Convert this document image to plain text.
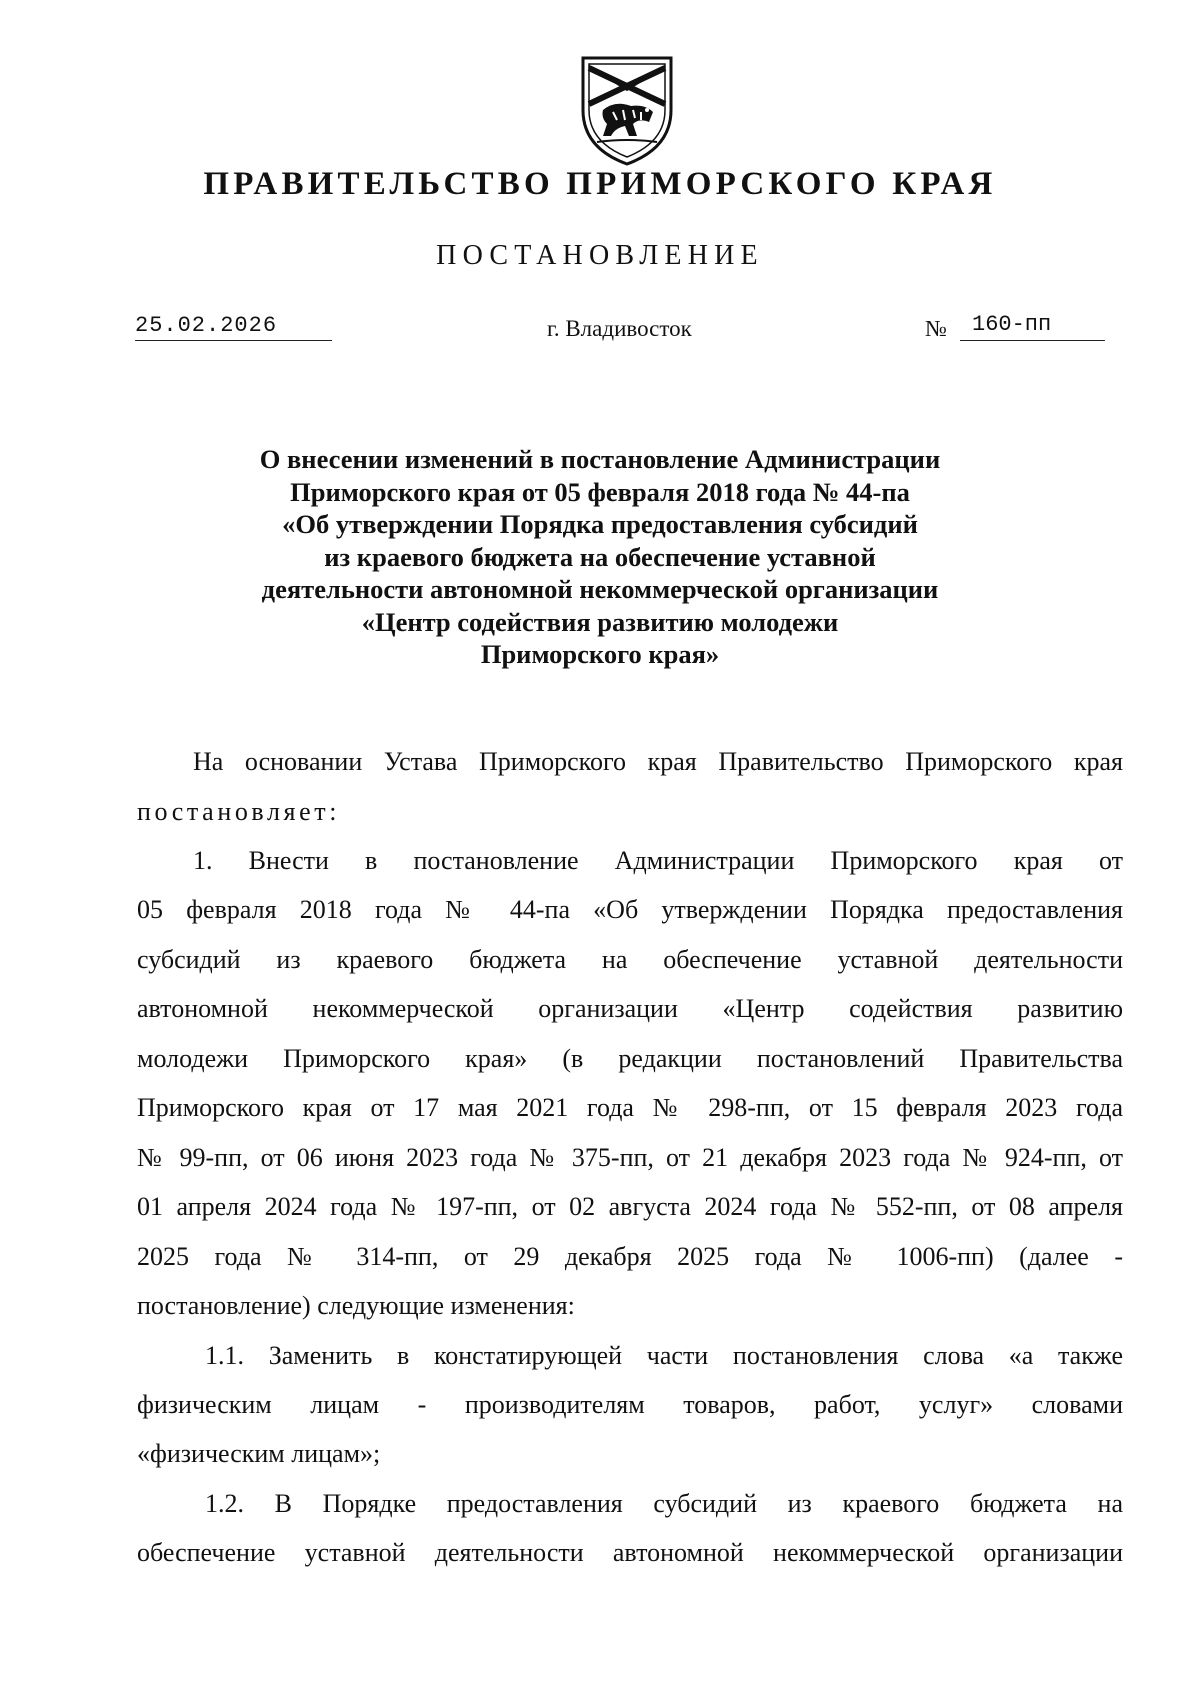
ПРАВИТЕЛЬСТВО ПРИМОРСКОГО КРАЯ
ПОСТАНОВЛЕНИЕ
25.02.2026	г. Владивосток	№	160-пп
О внесении изменений в постановление Администрации
Приморского края от 05 февраля 2018 года № 44-па
«Об утверждении Порядка предоставления субсидий
из краевого бюджета на обеспечение уставной
деятельности автономной некоммерческой организации
«Центр содействия развитию молодежи
Приморского края»
На основании Устава Приморского края Правительство Приморского края
постановляет:
1. Внести в постановление Администрации Приморского края от
05 февраля 2018 года № 44-па «Об утверждении Порядка предоставления
субсидий из краевого бюджета на обеспечение уставной деятельности
автономной некоммерческой организации «Центр содействия развитию
молодежи Приморского края» (в редакции постановлений Правительства
Приморского края от 17 мая 2021 года № 298-пп, от 15 февраля 2023 года
№ 99-пп, от 06 июня 2023 года № 375-пп, от 21 декабря 2023 года № 924-пп, от
01 апреля 2024 года № 197-пп, от 02 августа 2024 года № 552-пп, от 08 апреля
2025 года № 314-пп, от 29 декабря 2025 года № 1006-пп) (далее -
постановление) следующие изменения:
1.1. Заменить в констатирующей части постановления слова «а также
физическим лицам - производителям товаров, работ, услуг» словами
«физическим лицам»;
1.2. В Порядке предоставления субсидий из краевого бюджета на
обеспечение уставной деятельности автономной некоммерческой организации
